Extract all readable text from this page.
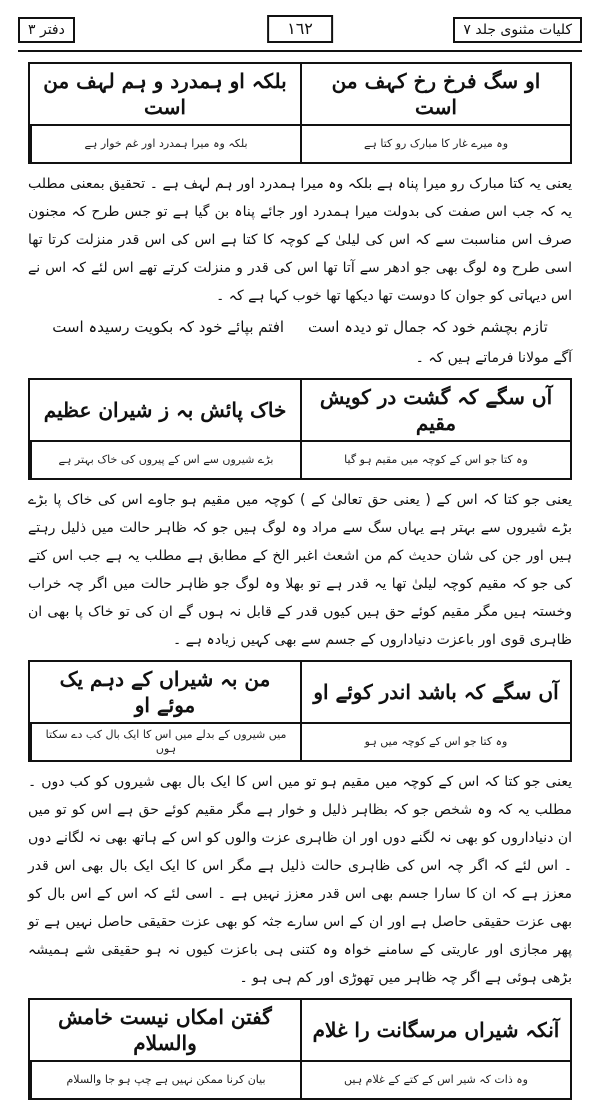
کلیات مثنوی جلد ٧
١٦٢
دفتر ٣
او سگ فرخ رخ کہف من است
بلکہ او ہمدرد و ہم لہف من است
وہ میرے غار کا مبارک رو کتا ہے
بلکہ وہ میرا ہمدرد اور غم خوار ہے
یعنی یہ کتا مبارک رو میرا پناہ ہے بلکہ وہ میرا ہمدرد اور ہم لہف ہے ۔ تحقیق بمعنی مطلب یہ کہ جب اس صفت کی بدولت میرا ہمدرد اور جائے پناہ بن گیا ہے تو جس طرح کہ مجنون صرف اس مناسبت سے کہ اس کی لیلیٰ کے کوچہ کا کتا ہے اس کی اس قدر منزلت کرتا تھا اسی طرح وہ لوگ بھی جو ادھر سے آتا تھا اس کی قدر و منزلت کرتے تھے اس لئے کہ اس نے اس دیہاتی کو جوان کا دوست تھا دیکھا تھا خوب کہا ہے کہ ۔
تازم بچشم خود کہ جمال تو دیدہ است     افتم بپائے خود کہ بکویت رسیدہ است
آگے مولانا فرماتے ہیں کہ ۔
آں سگے کہ گشت در کویش مقیم
خاک پائش بہ ز شیران عظیم
وہ کتا جو اس کے کوچہ میں مقیم ہو گیا
بڑے شیروں سے اس کے پیروں کی خاک بہتر ہے
یعنی جو کتا کہ اس کے ( یعنی حق تعالیٰ کے ) کوچہ میں مقیم ہو جاوے اس کی خاک پا بڑے بڑے شیروں سے بہتر ہے یہاں سگ سے مراد وہ لوگ ہیں جو کہ ظاہر حالت میں ذلیل رہتے ہیں اور جن کی شان حدیث کم من اشعث اغبر الخ کے مطابق ہے مطلب یہ ہے جب اس کتے کی جو کہ مقیم کوچہ لیلیٰ تھا یہ قدر ہے تو بھلا وہ لوگ جو ظاہر حالت میں اگر چہ خراب وخستہ ہیں مگر مقیم کوئے حق ہیں کیوں قدر کے قابل نہ ہوں گے ان کی تو خاک پا بھی ان ظاہری قوی اور باعزت دنیاداروں کے جسم سے بھی کہیں زیادہ ہے ۔
آں سگے کہ باشد اندر کوئے او
من بہ شیراں کے دہم یک موئے او
وہ کتا جو اس کے کوچہ میں ہو
میں شیروں کے بدلے میں اس کا ایک بال کب دے سکتا ہوں
یعنی جو کتا کہ اس کے کوچہ میں مقیم ہو تو میں اس کا ایک بال بھی شیروں کو کب دوں ۔ مطلب یہ کہ وہ شخص جو کہ بظاہر ذلیل و خوار ہے مگر مقیم کوئے حق ہے اس کو تو میں ان دنیاداروں کو بھی نہ لگنے دوں اور ان ظاہری عزت والوں کو اس کے ہاتھ بھی نہ لگانے دوں ۔ اس لئے کہ اگر چہ اس کی ظاہری حالت ذلیل ہے مگر اس کا ایک ایک بال بھی اس قدر معزز ہے کہ ان کا سارا جسم بھی اس قدر معزز نہیں ہے ۔ اسی لئے کہ اس کے اس بال کو بھی عزت حقیقی حاصل ہے اور ان کے اس سارے جثہ کو بھی عزت حقیقی حاصل نہیں ہے تو پھر مجازی اور عاریتی کے سامنے خواہ وہ کتنی ہی باعزت کیوں نہ ہو حقیقی شے ہمیشہ بڑھی ہوئی ہے اگر چہ ظاہر میں تھوڑی اور کم ہی ہو ۔
آنکہ شیراں مرسگانت را غلام
گفتن امکاں نیست خامش والسلام
وہ ذات کہ شیر اس کے کتے کے غلام ہیں
بیان کرنا ممکن نہیں ہے چپ ہو جا والسلام
